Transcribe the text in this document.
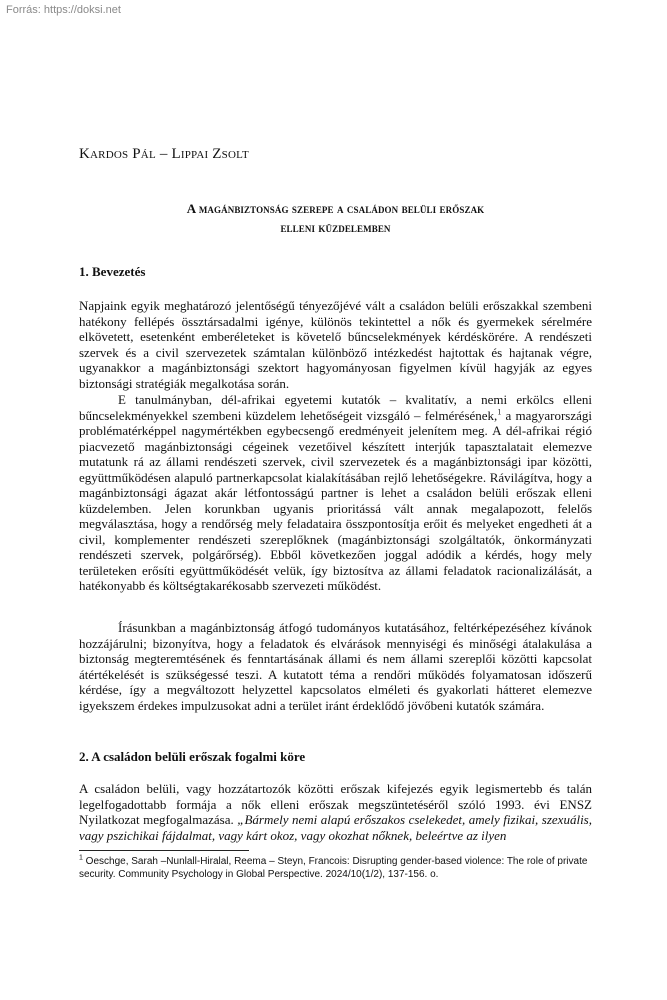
Forrás: https://doksi.net
Kardos Pál – Lippai Zsolt
A magánbiztonság szerepe a családon belüli erőszak
elleni küzdelemben
1. Bevezetés

Napjaink egyik meghatározó jelentőségű tényezőjévé vált a családon belüli erőszakkal szembeni hatékony fellépés össztársadalmi igénye, különös tekintettel a nők és gyermekek sérelmére elkövetett, esetenként emberéleteket is követelő bűncselekmények kérdéskörére. A rendészeti szervek és a civil szervezetek számtalan különböző intézkedést hajtottak és hajtanak végre, ugyanakkor a magánbiztonsági szektort hagyományosan figyelmen kívül hagyják az egyes biztonsági stratégiák megalkotása során.

E tanulmányban, dél-afrikai egyetemi kutatók – kvalitatív, a nemi erkölcs elleni bűncselekményekkel szembeni küzdelem lehetőségeit vizsgáló – felmérésének,$^1$ a magyarországi problématérképpel nagymértékben egybecsengő eredményeit jelenítem meg. A dél-afrikai régió piacvezető magánbiztonsági cégeinek vezetőivel készített interjúk tapasztalatait elemezve mutatunk rá az állami rendészeti szervek, civil szervezetek és a magánbiztonsági ipar közötti, együttműködésen alapuló partnerkapcsolat kialakításában rejlő lehetőségekre. Rávilágítva, hogy a magánbiztonsági ágazat akár létfontosságú partner is lehet a családon belüli erőszak elleni küzdelemben. Jelen korunkban ugyanis prioritássá vált annak megalapozott, felelős megválasztása, hogy a rendőrség mely feladataira összpontosítja erőit és melyeket engedheti át a civil, komplementer rendészeti szereplőknek (magánbiztonsági szolgáltatók, önkormányzati rendészeti szervek, polgárőrség). Ebből következően joggal adódik a kérdés, hogy mely területeken erősíti együttműködését velük, így biztosítva az állami feladatok racionalizálását, a hatékonyabb és költségtakarékosabb szervezeti működést.

Írásunkban a magánbiztonság átfogó tudományos kutatásához, feltérképezéséhez kívánok hozzájárulni; bizonyítva, hogy a feladatok és elvárások mennyiségi és minőségi átalakulása a biztonság megteremtésének és fenntartásának állami és nem állami szereplői közötti kapcsolat átértékelését is szükségessé teszi. A kutatott téma a rendőri működés folyamatosan időszerű kérdése, így a megváltozott helyzettel kapcsolatos elméleti és gyakorlati hátteret elemezve igyekszem érdekes impulzusokat adni a terület iránt érdeklődő jövőbeni kutatók számára.

2. A családon belüli erőszak fogalmi köre

A családon belüli, vagy hozzátartozók közötti erőszak kifejezés egyik legismertebb és talán legelfogadottabb formája a nők elleni erőszak megszüntetéséről szóló 1993. évi ENSZ Nyilatkozat megfogalmazása. „Bármely nemi alapú erőszakos cselekedet, amely fizikai, szexuális, vagy pszichikai fájdalmat, vagy kárt okoz, vagy okozhat nőknek, beleértve az ilyen

$^1$ Oeschge, Sarah –Nunlall-Hiralal, Reema – Steyn, Francois: Disrupting gender-based violence: The role of private security. Community Psychology in Global Perspective. 2024/10(1/2), 137-156. o.
